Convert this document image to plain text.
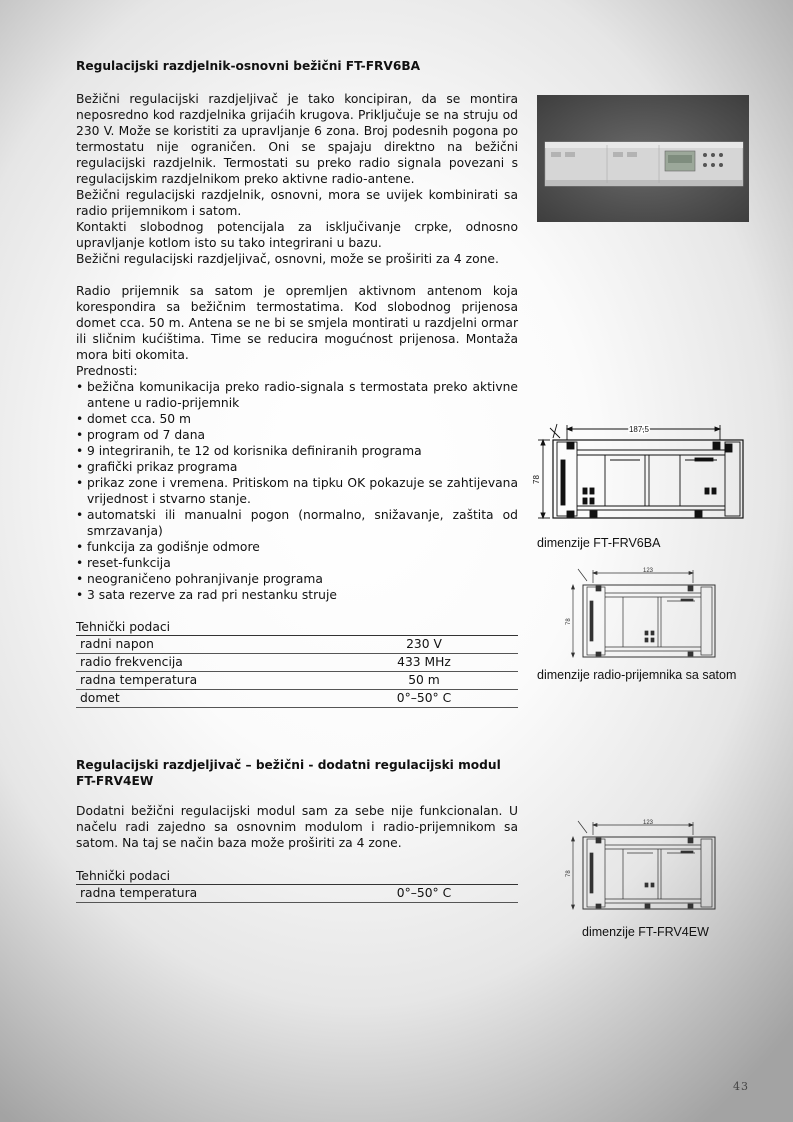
Regulacijski razdjelnik-osnovni bežični FT-FRV6BA

Bežični regulacijski razdjeljivač je tako koncipiran, da se montira neposredno kod razdjelnika grijaćih krugova. Priključuje se na struju od 230 V. Može se koristiti za upravljanje 6 zona. Broj podesnih pogona po termostatu nije ograničen. Oni se spajaju direktno na bežični regulacijski razdjelnik. Termostati su preko radio signala povezani s regulacijskim razdjelnikom preko aktivne radio-antene.

Bežični regulacijski razdjelnik, osnovni, mora se uvijek kombinirati sa radio prijemnikom i satom.

Kontakti slobodnog potencijala za isključivanje crpke, odnosno upravljanje kotlom isto su tako integrirani u bazu.

Bežični regulacijski razdjeljivač, osnovni, može se proširiti za 4 zone.

Radio prijemnik sa satom je opremljen aktivnom antenom koja korespondira sa bežičnim termostatima. Kod slobodnog prijenosa domet cca. 50 m. Antena se ne bi se smjela montirati u razdjelni ormar ili sličnim kućištima. Time se reducira mogućnost prijenosa. Montaža mora biti okomita.
Prednosti:
• bežična komunikacija preko radio-signala s termostata preko aktivne antene u radio-prijemnik
• domet cca. 50 m
• program od 7 dana
• 9 integriranih, te 12 od korisnika definiranih programa
• grafički prikaz programa
• prikaz zone i vremena. Pritiskom na tipku OK pokazuje se zahtijevana vrijednost i stvarno stanje.
• automatski ili manualni pogon (normalno, snižavanje, zaštita od smrzavanja)
• funkcija za godišnje odmore
• reset-funkcija
• neograničeno pohranjivanje programa
• 3 sata rezerve za rad pri nestanku struje
Tehnički podaci
radni napon	230 V
radio frekvencija	433 MHz
radna temperatura	50 m
domet	0°–50° C
Regulacijski razdjeljivač – bežični - dodatni regulacijski modul FT-FRV4EW
Dodatni bežični regulacijski modul sam za sebe nije funkcionalan. U načelu radi zajedno sa osnovnim modulom i radio-prijemnikom sa satom. Na taj se način baza može proširiti za 4 zone.
Tehnički podaci
radna temperatura	0°–50° C
187,5
78
dimenzije FT-FRV6BA
123
78
dimenzije radio-prijemnika sa satom
123
78
dimenzije FT-FRV4EW
43
